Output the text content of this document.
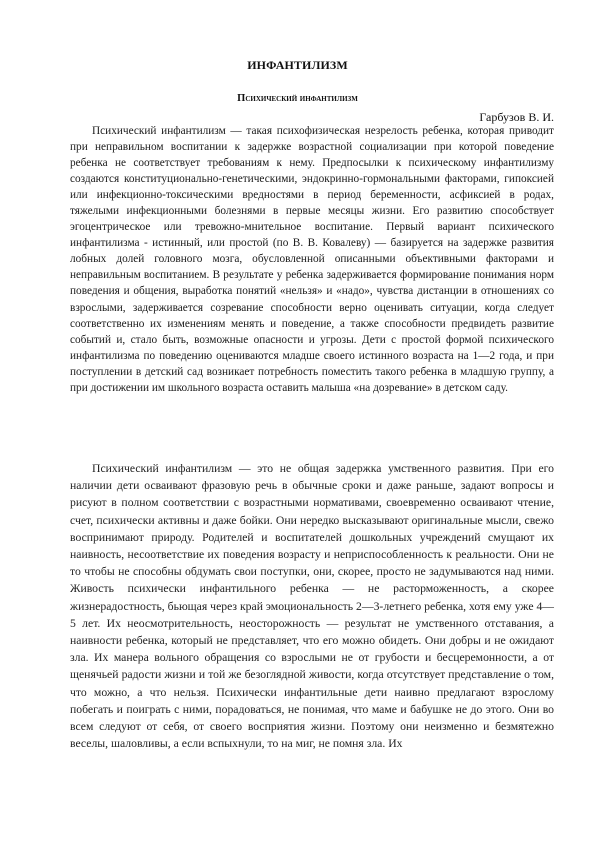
ИНФАНТИЛИЗМ
Психический инфантилизм
Гарбузов В. И.

Психический инфантилизм — такая психофизическая незрелость ребенка, которая приводит при неправильном воспитании к задержке возрастной социализации при которой поведение ребенка не соответствует требованиям к нему. Предпосылки к психическому инфантилизму создаются конституционально-генетическими, эндокринно-гормональными факторами, гипоксией или инфекционно-токсическими вредностями в период беременности, асфиксией в родах, тяжелыми инфекционными болезнями в первые месяцы жизни. Его развитию способствует эгоцентрическое или тревожно-мнительное воспитание. Первый вариант психического инфантилизма - истинный, или простой (по В. В. Ковалеву) — базируется на задержке развития лобных долей головного мозга, обусловленной описанными объективными факторами и неправильным воспитанием. В результате у ребенка задерживается формирование понимания норм поведения и общения, выработка понятий «нельзя» и «надо», чувства дистанции в отношениях со взрослыми, задерживается созревание способности верно оценивать ситуации, когда следует соответственно их изменениям менять и поведение, а также способности предвидеть развитие событий и, стало быть, возможные опасности и угрозы. Дети с простой формой психического инфантилизма по поведению оцениваются младше своего истинного возраста на 1—2 года, и при поступлении в детский сад возникает потребность поместить такого ребенка в младшую группу, а при достижении им школьного возраста оставить малыша «на дозревание» в детском саду.

Психический инфантилизм — это не общая задержка умственного развития. При его наличии дети осваивают фразовую речь в обычные сроки и даже раньше, задают вопросы и рисуют в полном соответствии с возрастными нормативами, своевременно осваивают чтение, счет, психически активны и даже бойки. Они нередко высказывают оригинальные мысли, свежо воспринимают природу. Родителей и воспитателей дошкольных учреждений смущают их наивность, несоответствие их поведения возрасту и неприспособленность к реальности. Они не то чтобы не способны обдумать свои поступки, они, скорее, просто не задумываются над ними. Живость психически инфантильного ребенка — не расторможенность, а скорее жизнерадостность, бьющая через край эмоциональность 2—3-летнего ребенка, хотя ему уже 4—5 лет. Их неосмотрительность, неосторожность — результат не умственного отставания, а наивности ребенка, который не представляет, что его можно обидеть. Они добры и не ожидают зла. Их манера вольного обращения со взрослыми не от грубости и бесцеремонности, а от щенячьей радости жизни и той же безоглядной живости, когда отсутствует представление о том, что можно, а что нельзя. Психически инфантильные дети наивно предлагают взрослому побегать и поиграть с ними, порадоваться, не понимая, что маме и бабушке не до этого. Они во всем следуют от себя, от своего восприятия жизни. Поэтому они неизменно и безмятежно веселы, шаловливы, а если вспыхнули, то на миг, не помня зла. Их
